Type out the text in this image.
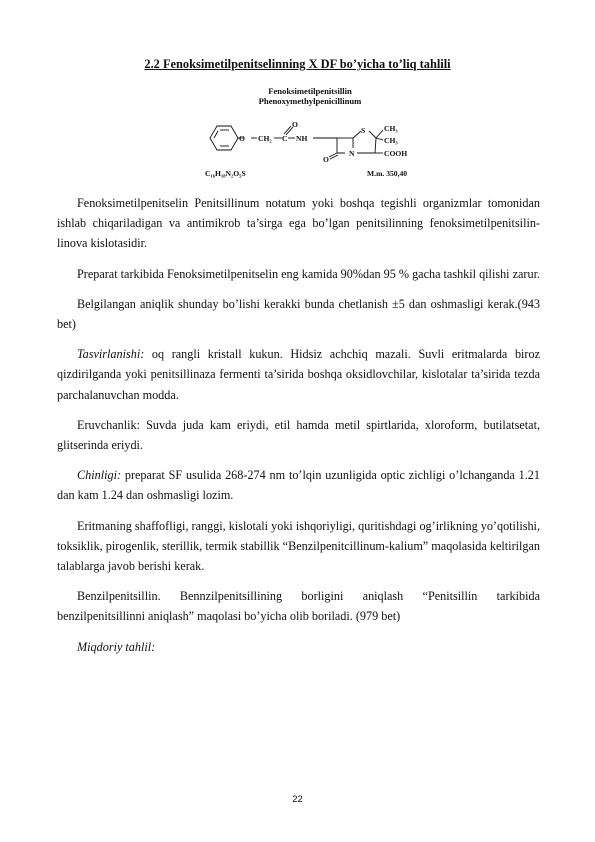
2.2 Fenoksimetilpenitselinning X DF bo’yicha to’liq tahlili
Fenoksimetilpenitsillin
Phenoxymethylpenicillinum
O CH₂ C
O
NH
S CH₃
CH₃
N	COOH
O
C₁₆H₁₈N₂O₅S	M.m. 350,40

Fenoksimetilpenitselin Penitsillinum notatum yoki boshqa tegishli organizmlar tomonidan ishlab chiqariladigan va antimikrob ta’sirga ega bo’lgan penitsilinning fenoksimetilpenitsilin- linova kislotasidir.

Preparat tarkibida Fenoksimetilpenitselin eng kamida 90%dan 95 % gacha tashkil qilishi zarur.

Belgilangan aniqlik shunday bo’lishi kerakki bunda chetlanish ±5 dan oshmasligi kerak.(943 bet)

Tasvirlanishi: oq rangli kristall kukun. Hidsiz achchiq mazali. Suvli eritmalarda biroz qizdirilganda yoki penitsillinaza fermenti ta’sirida boshqa oksidlovchilar, kislotalar ta’sirida tezda parchalanuvchan modda.

Eruvchanlik: Suvda juda kam eriydi, etil hamda metil spirtlarida, xloroform, butilatsetat, glitserinda eriydi.

Chinligi: preparat SF usulida 268-274 nm to’lqin uzunligida optic zichligi o’lchanganda 1.21 dan kam 1.24 dan oshmasligi lozim.

Eritmaning shaffofligi, ranggi, kislotali yoki ishqoriyligi, quritishdagi og’irlikning yo’qotilishi, toksiklik, pirogenlik, sterillik, termik stabillik “Benzilpenitcillinum-kalium” maqolasida keltirilgan talablarga javob berishi kerak.

Benzilpenitsillin. Bennzilpenitsillining borligini aniqlash “Penitsillin tarkibida benzilpenitsillinni aniqlash” maqolasi bo’yicha olib boriladi. (979 bet)

Miqdoriy tahlil:

22
